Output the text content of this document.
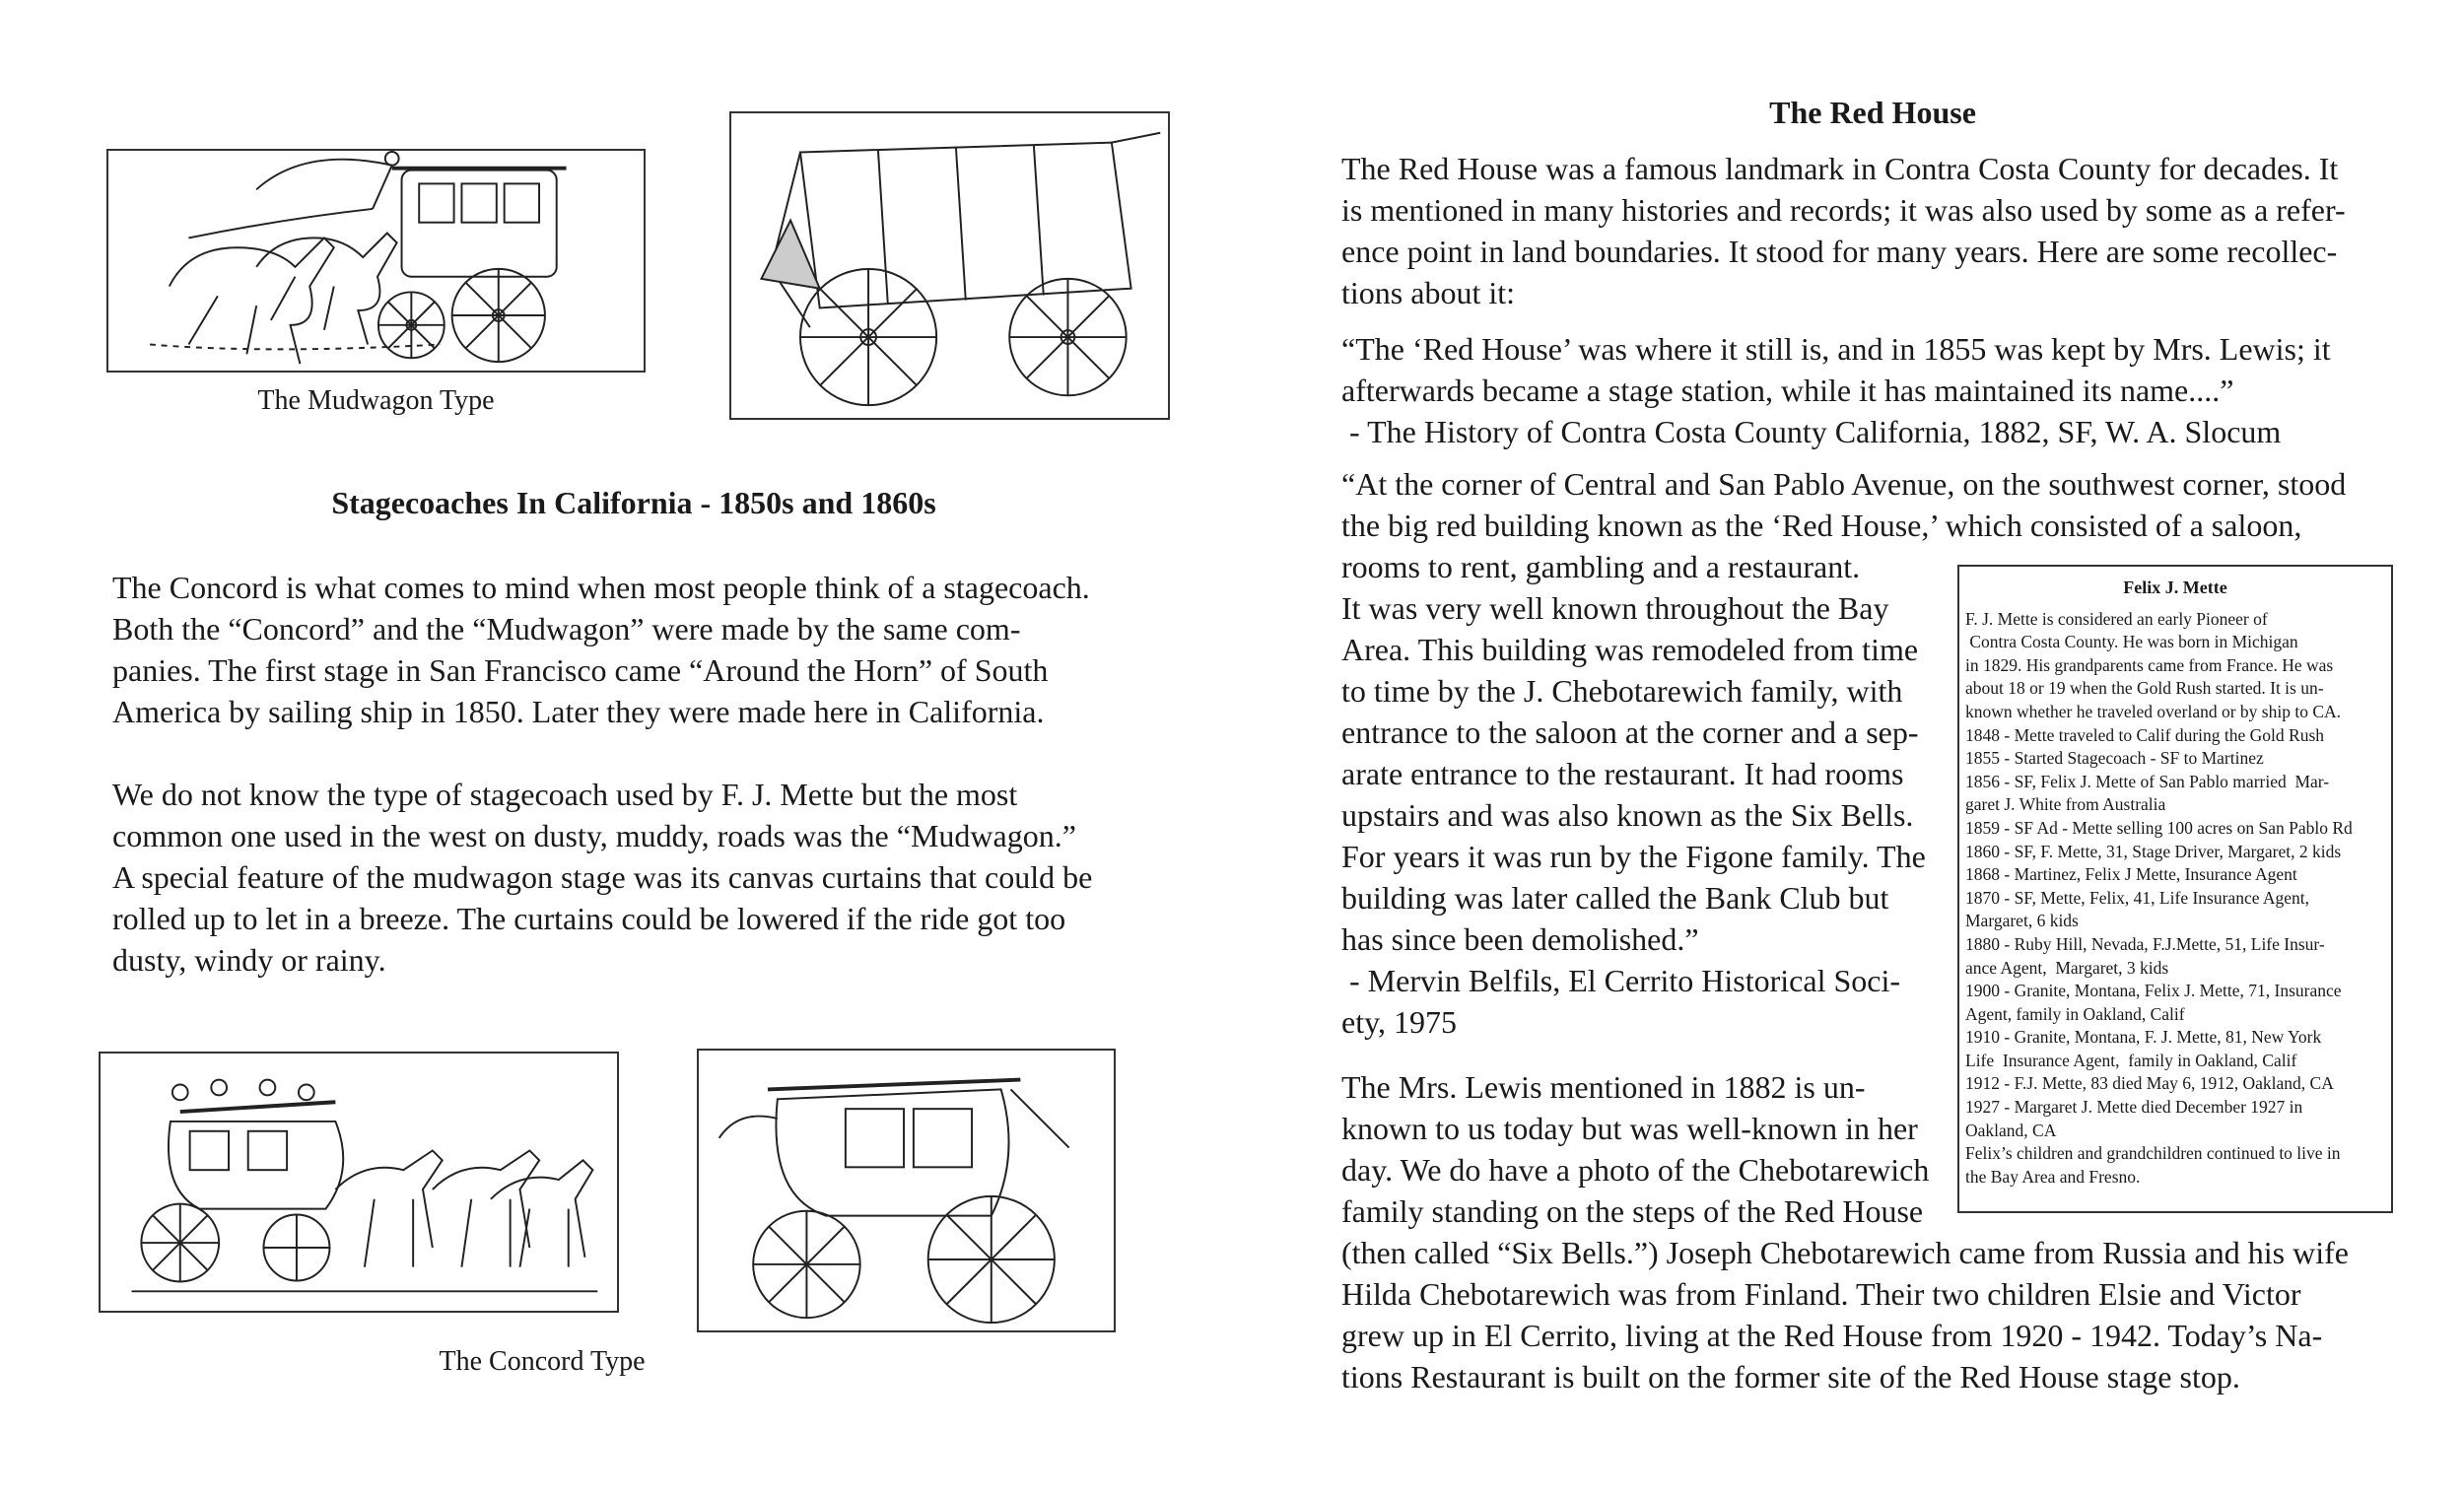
The Mudwagon Type
Stagecoaches In California - 1850s and 1860s

The Concord is what comes to mind when most people think of a stagecoach.
Both the “Concord” and the “Mudwagon” were made by the same com-
panies. The first stage in San Francisco came “Around the Horn” of South
America by sailing ship in 1850. Later they were made here in California.

We do not know the type of stagecoach used by F. J. Mette but the most
common one used in the west on dusty, muddy, roads was the “Mudwagon.”
A special feature of the mudwagon stage was its canvas curtains that could be
rolled up to let in a breeze. The curtains could be lowered if the ride got too
dusty, windy or rainy.

The Concord Type
The Red House

The Red House was a famous landmark in Contra Costa County for decades. It
is mentioned in many histories and records; it was also used by some as a refer-
ence point in land boundaries. It stood for many years. Here are some recollec-
tions about it:

“The ‘Red House’ was where it still is, and in 1855 was kept by Mrs. Lewis; it
afterwards became a stage station, while it has maintained its name....”
- The History of Contra Costa County California, 1882, SF, W. A. Slocum

“At the corner of Central and San Pablo Avenue, on the southwest corner, stood
the big red building known as the ‘Red House,’ which consisted of a saloon,

rooms to rent, gambling and a restaurant.
It was very well known throughout the Bay
Area. This building was remodeled from time
to time by the J. Chebotarewich family, with
entrance to the saloon at the corner and a sep-
arate entrance to the restaurant. It had rooms
upstairs and was also known as the Six Bells.
For years it was run by the Figone family. The
building was later called the Bank Club but
has since been demolished.”
- Mervin Belfils, El Cerrito Historical Soci-
ety, 1975

The Mrs. Lewis mentioned in 1882 is un-
known to us today but was well-known in her
day. We do have a photo of the Chebotarewich
family standing on the steps of the Red House

(then called “Six Bells.”) Joseph Chebotarewich came from Russia and his wife
Hilda Chebotarewich was from Finland. Their two children Elsie and Victor
grew up in El Cerrito, living at the Red House from 1920 - 1942. Today’s Na-
tions Restaurant is built on the former site of the Red House stage stop.

Felix J. Mette
F. J. Mette is considered an early Pioneer of
Contra Costa County. He was born in Michigan
in 1829. His grandparents came from France. He was
about 18 or 19 when the Gold Rush started. It is un-
known whether he traveled overland or by ship to CA.
1848 - Mette traveled to Calif during the Gold Rush
1855 - Started Stagecoach - SF to Martinez
1856 - SF, Felix J. Mette of San Pablo married  Mar-
garet J. White from Australia
1859 - SF Ad - Mette selling 100 acres on San Pablo Rd
1860 - SF, F. Mette, 31, Stage Driver, Margaret, 2 kids
1868 - Martinez, Felix J Mette, Insurance Agent
1870 - SF, Mette, Felix, 41, Life Insurance Agent,
Margaret, 6 kids
1880 - Ruby Hill, Nevada, F.J.Mette, 51, Life Insur-
ance Agent,  Margaret, 3 kids
1900 - Granite, Montana, Felix J. Mette, 71, Insurance
Agent, family in Oakland, Calif
1910 - Granite, Montana, F. J. Mette, 81, New York
Life  Insurance Agent,  family in Oakland, Calif
1912 - F.J. Mette, 83 died May 6, 1912, Oakland, CA
1927 - Margaret J. Mette died December 1927 in
Oakland, CA
Felix’s children and grandchildren continued to live in
the Bay Area and Fresno.
